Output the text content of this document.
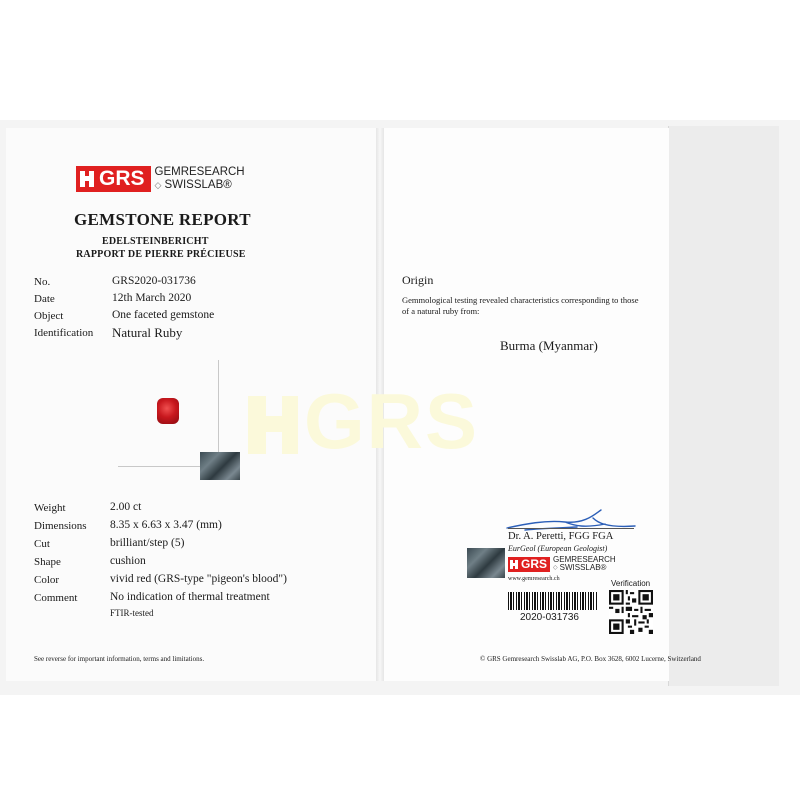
GRS
GRS GEMRESEARCH
◇ SWISSLAB®
GEMSTONE REPORT
EDELSTEINBERICHT
RAPPORT DE PIERRE PRÉCIEUSE
No.	GRS2020-031736
Date	12th March 2020
Object	One faceted gemstone
Identification Natural Ruby
Weight	2.00 ct
Dimensions 8.35 x 6.63 x 3.47 (mm)
Cut	brilliant/step (5)
Shape	cushion
Color	vivid red (GRS-type "pigeon's blood")
Comment	No indication of thermal treatment
FTIR-tested
See reverse for important information, terms and limitations.
Origin
Gemmological testing revealed characteristics corresponding to those
of a natural ruby from:
Burma (Myanmar)
Dr. A. Peretti, FGG FGA
EurGeol (European Geologist)
GRS GEMRESEARCH
◇ SWISSLAB®
www.gemresearch.ch
2020-031736
Verification
© GRS Gemresearch Swisslab AG, P.O. Box 3628, 6002 Lucerne, Switzerland
